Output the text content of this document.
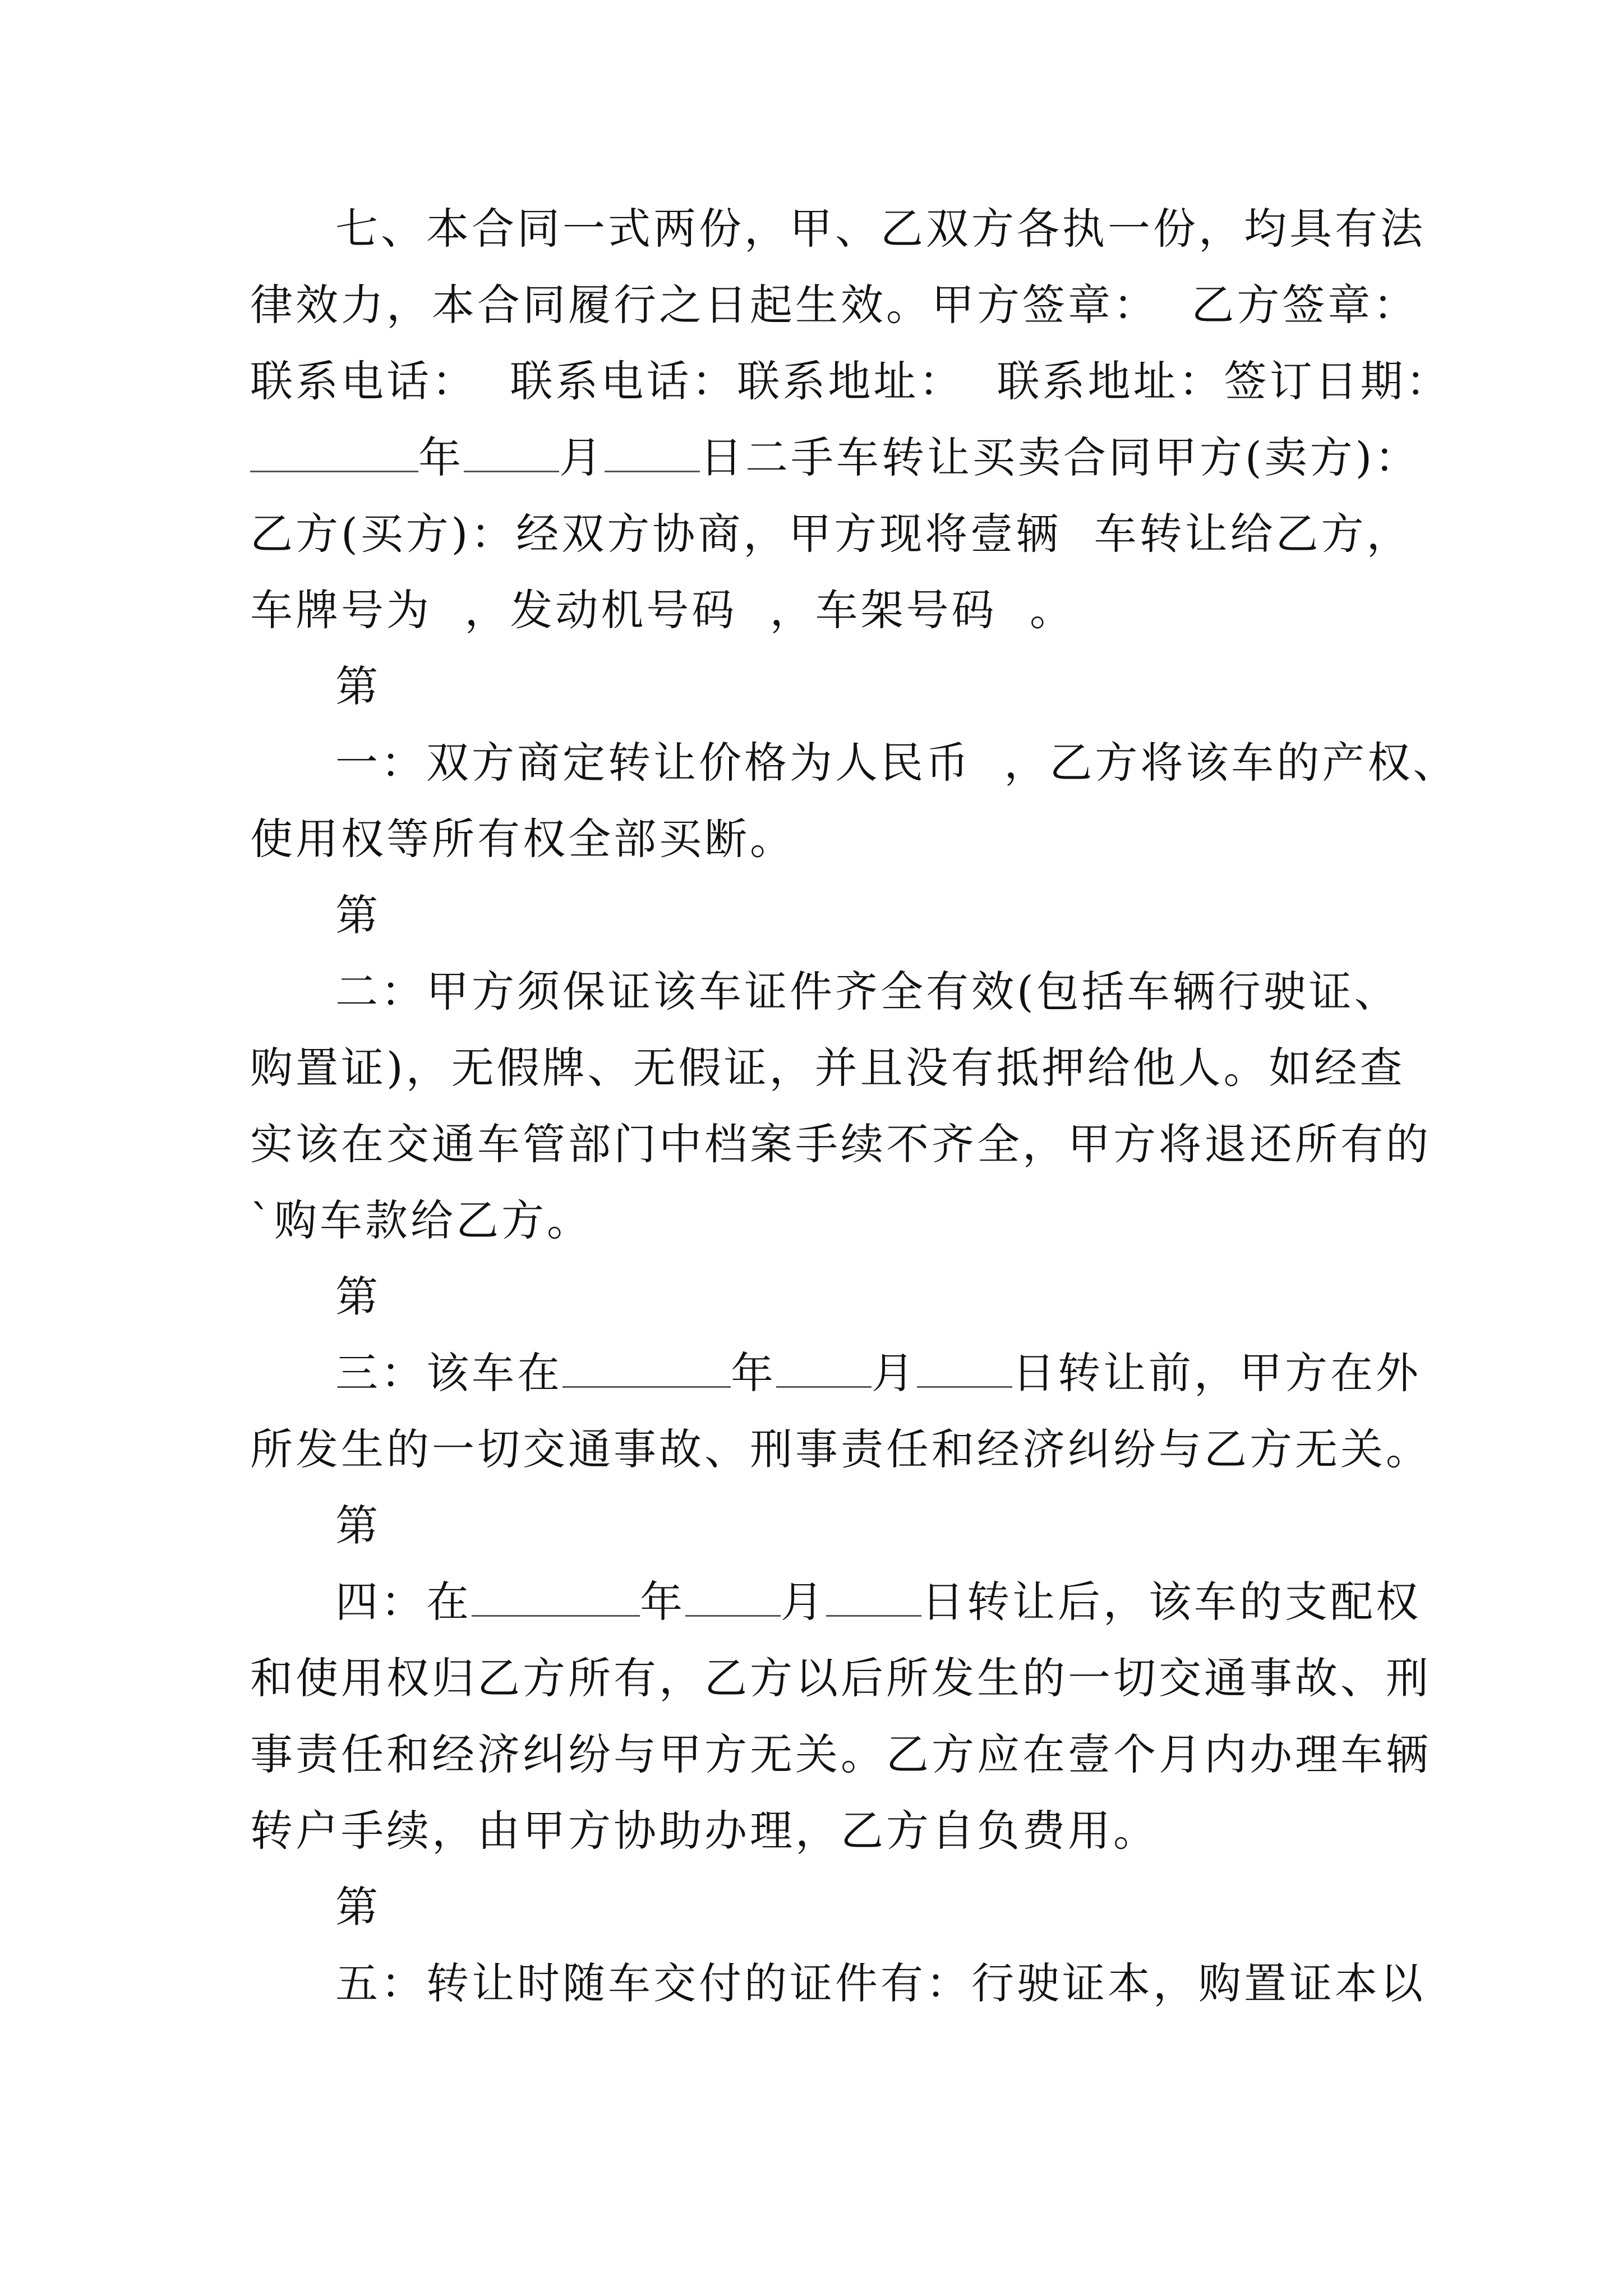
七、本合同一式两份，甲、乙双方各执一份，均具有法
律效力，本合同履行之日起生效。甲方签章：  乙方签章：
联系电话：  联系电话：联系地址：  联系地址：签订日期：
年 月 日二手车转让买卖合同甲方(卖方)：
乙方(买方)：经双方协商，甲方现将壹辆  车转让给乙方，
车牌号为  ，发动机号码  ，车架号码  。
第
一：双方商定转让价格为人民币  ，乙方将该车的产权、
使用权等所有权全部买断。
第
二：甲方须保证该车证件齐全有效(包括车辆行驶证、
购置证)，无假牌、无假证，并且没有抵押给他人。如经查
实该在交通车管部门中档案手续不齐全，甲方将退还所有的
`购车款给乙方。
第
三：该车在	年 月 日转让前，甲方在外
所发生的一切交通事故、刑事责任和经济纠纷与乙方无关。
第
四：在	年 月 日转让后，该车的支配权
和使用权归乙方所有，乙方以后所发生的一切交通事故、刑
事责任和经济纠纷与甲方无关。乙方应在壹个月内办理车辆
转户手续，由甲方协助办理，乙方自负费用。
第
五：转让时随车交付的证件有：行驶证本，购置证本以
